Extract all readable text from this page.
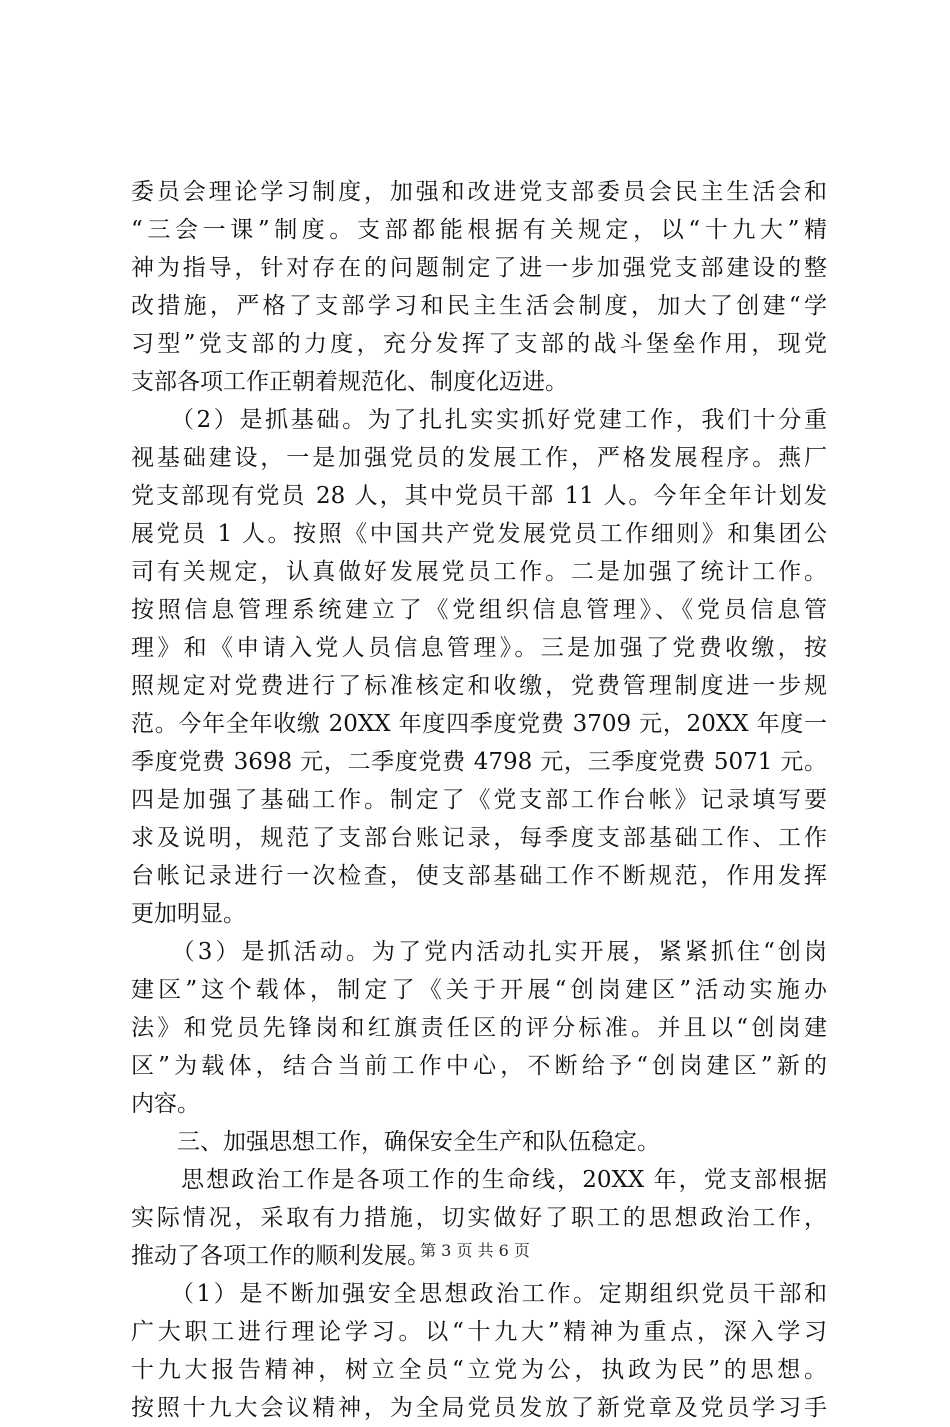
委员会理论学习制度，加强和改进党支部委员会民主生活会和
“三会一课”制度。支部都能根据有关规定，以“十九大”精
神为指导，针对存在的问题制定了进一步加强党支部建设的整
改措施，严格了支部学习和民主生活会制度，加大了创建“学
习型”党支部的力度，充分发挥了支部的战斗堡垒作用，现党
支部各项工作正朝着规范化、制度化迈进。
　　（2）是抓基础。为了扎扎实实抓好党建工作，我们十分重
视基础建设，一是加强党员的发展工作，严格发展程序。燕厂
党支部现有党员 28 人，其中党员干部 11 人。今年全年计划发
展党员 1 人。按照《中国共产党发展党员工作细则》和集团公
司有关规定，认真做好发展党员工作。二是加强了统计工作。
按照信息管理系统建立了《党组织信息管理》、《党员信息管
理》和《申请入党人员信息管理》。三是加强了党费收缴，按
照规定对党费进行了标准核定和收缴，党费管理制度进一步规
范。今年全年收缴 20XX 年度四季度党费 3709 元，20XX 年度一
季度党费 3698 元，二季度党费 4798 元，三季度党费 5071 元。
四是加强了基础工作。制定了《党支部工作台帐》记录填写要
求及说明，规范了支部台账记录，每季度支部基础工作、工作
台帐记录进行一次检查，使支部基础工作不断规范，作用发挥
更加明显。
　　（3）是抓活动。为了党内活动扎实开展，紧紧抓住“创岗
建区”这个载体，制定了《关于开展“创岗建区”活动实施办
法》和党员先锋岗和红旗责任区的评分标准。并且以“创岗建
区”为载体，结合当前工作中心，不断给予“创岗建区”新的
内容。
　　三、加强思想工作，确保安全生产和队伍稳定。
　　思想政治工作是各项工作的生命线，20XX 年，党支部根据
实际情况，采取有力措施，切实做好了职工的思想政治工作，
推动了各项工作的顺利发展。
　　（1）是不断加强安全思想政治工作。定期组织党员干部和
广大职工进行理论学习。以“十九大”精神为重点，深入学习
十九大报告精神，树立全员“立党为公，执政为民”的思想。
按照十九大会议精神，为全局党员发放了新党章及党员学习手
第 3 页 共 6 页
